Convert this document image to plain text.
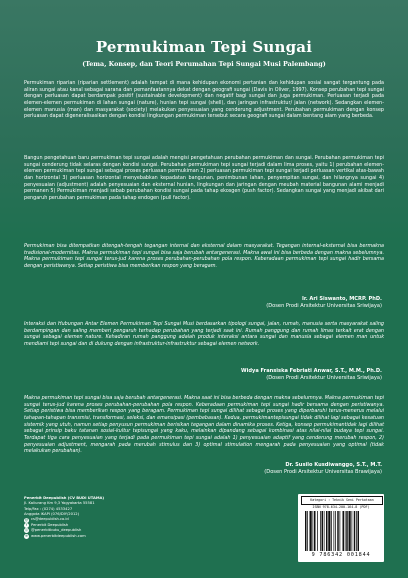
Permukiman Tepi Sungai
(Tema, Konsep, dan Teori Perumahan Tepi Sungai Musi Palembang)

Permukiman riparian (riparian settlement) adalah tempat di mana kehidupan ekonomi pertanian dan kehidupan sosial sangat tergantung pada aliran sungai atau kanal sebagai sarana dan pemanfaatannya dekat dengan geografi sungai (Davis in Oliver, 1997). Konsep perubahan tepi sungai dengan perluasan dapat berdampak positif (sustainable development) dan negatif bagi sungai dan juga permukiman. Perluasan terjadi pada elemen-elemen permukiman di lahan sungai (nature), hunian tepi sungai (shell), dan jaringan infrastruktur/ jalan (network). Sedangkan elemen-elemen manusia (man) dan masyarakat (society) melakukan penyesuaian yang cenderung adjustment. Perubahan permukiman dengan konsep perluasan dapat digeneralisasikan dengan kondisi lingkungan permukiman tersebut secara geografi sungai dalam bentang alam yang berbeda.

Bangun pengetahuan baru permukiman tepi sungai adalah mengisi pengetahuan perubahan permukiman dan sungai. Perubahan permukiman tepi sungai cenderung tidak selaras dengan kondisi sungai. Perubahan permukiman tepi sungai terjadi dalam lima proses, yaitu 1) perubahan elemen-elemen permukiman tepi sungai sebagai proses perluasan permukiman 2) perluasan permukiman tepi sungai terjadi perluasan vertikal atas-bawah dan horizontal 3) perluasan horizontal menyebabkan kepadatan bangunan, penimbunan lahan, penyempitan sungai, dan hilangnya sungai 4) penyesuaian (adjustment) adalah penyesuaian dan eksternal hunian, lingkungan dan jaringan dengan meubah material bangunan alami menjadi permanen 5) Permukiman menjadi sebab perubahan kondisi sungai pada tahap ekosgen (push factor). Sedangkan sungai yang menjadi akibat dari pengaruh perubahan permukiman pada tahap endogen (pull factor).

Permukiman bisa ditempatkan ditengah-tengah tegangan internal dan eksternal dalam masyarakat. Tegangan internal-eksternal bisa bermakna tradisional-modernitas. Makna permukiman tepi sungai bisa saja berubah antargenerasi. Makna awal ini bisa berbeda dengan makna sebelumnya. Makna permukiman tepi sungai terus-jud karena proses perubahan-perubahan pola respon. Keberadaan permukiman tepi sungai hadir bersama dengan peristiwanya. Setiap peristiwa bisa memberikan respon yang beragam.

Ir. Ari Siswanto, MCRP. PhD.
(Dosen Prodi Arsitektur Universitas Sriwijaya)

Interaksi dan Hubungan Antar Elemen Permukiman Tepi Sungai Musi berdasarkan tipologi sungai, jalan, rumah, manusia serta masyarakat saling berdampingan dan saling memberi pengaruh terhadap perubahan yang terjadi saat ini. Rumah panggung dan rumah limas terkait erat dengan sungai sebagai elemen nature. Kehadiran rumah panggung adalah produk interaksi antara sungai dan manusia sebagai elemen man untuk mendiami tepi sungai dan di dukung dengan infrastruktur-infrastruktur sebagai elemen network.

Widya Fransiska Febriati Anwar, S.T., M.M., Ph.D.
(Dosen Prodi Arsitektur Universitas Sriwijaya)

Makna permukiman tepi sungai bisa saja berubah antargenerasi. Makna saat ini bisa berbeda dengan makna sebelumnya. Makna permukiman tepi sungai terus-jud karena proses perubahan-perubahan pola respon. Keberadaan permukiman tepi sungai hadir bersama dengan peristiwanya. Setiap peristiwa bisa memberikan respon yang beragam. Permukiman tepi sungai dilihat sebagai proses yang diperbaruhi terus-menerus melalui tahapan-tahapan transmisi, transformasi, seleksi, dan emansipasi (pembebasan). Kedua, permukimantepisungai tidak dilihat lagi sebagai kesatuan sistemik yang utuh, namun setiap penyusun permukiman berisikan tegangan dalam dinamika proses. Ketiga, konsep permukimantidak lagi dilihat sebagai prinsip baku tatanan sosial-kultur tepisungai yang kaku, melainkan dipandang sebagai kombinasi atas nilai-nilai budaya tepi sungai. Terdapat tiga cara penyesuaian yang terjadi pada permukiman tepi sungai adalah 1) penyesuaian adaptif yang cenderung merubah respon, 2) penyesuaian adjustment, mengarah pada merubah stimulus dan 3) optimal stimulation mengarah pada penyesuaian yang optimal (tidak melakukan perubahan).

Dr. Susilo Kusdiwanggo, S.T., M.T.
(Dosen Prodi Arsitektur Universitas Brawijaya)
Penerbit Deepublish (CV BUDI UTAMA)
Jl. Kaliurang Km 9,3 Yogyakarta 55581
Telp/Fax : (0274) 4533427
Anggota IKAPI (076/DIY/2012)
@ cs@deepublish.co.id
f	Penerbit Deepublish
◎ @penerbitbuku_deepublish
⊕ www.penerbitdeepublish.com
Kategori : Teknik Seni Perkotaan
ISBN 978-634-200-164-8 (PDF)
9 786342 001844
